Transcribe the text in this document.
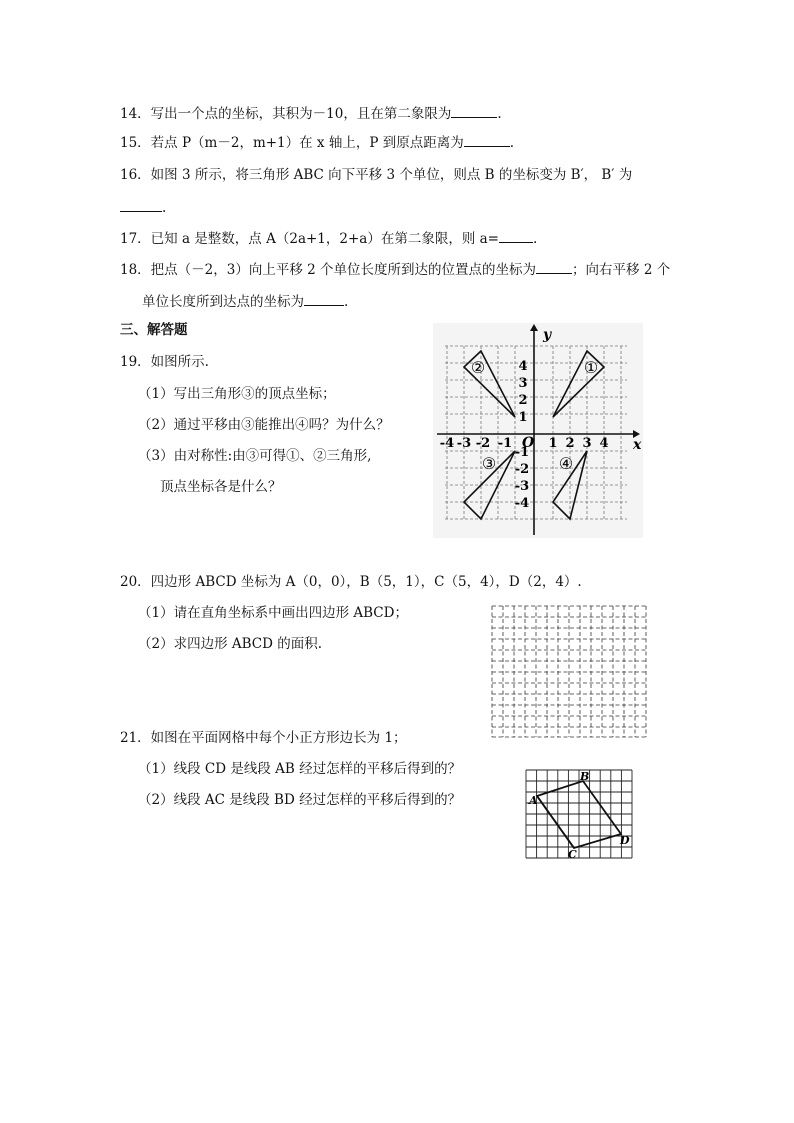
14．写出一个点的坐标，其积为－10，且在第二象限为	.
15．若点 P（m－2，m+1）在 x 轴上，P 到原点距离为	.
16．如图 3 所示，将三角形 ABC 向下平移 3 个单位，则点 B 的坐标变为 B′， B′ 为
.
17．已知 a 是整数，点 A（2a+1，2+a）在第二象限，则 a=	.
18．把点（－2，3）向上平移 2 个单位长度所到达的位置点的坐标为	；向右平移 2 个
单位长度所到达点的坐标为	.
三、解答题
19．如图所示.
（1）写出三角形③的顶点坐标；
（2）通过平移由③能推出④吗？为什么？
（3）由对称性:由③可得①、②三角形,
顶点坐标各是什么？
x
y
O
-4 -3 -2 -1	1 2 3 4
4
3
2
1
-1
-2
-3
-4
①
②
③	④
20．四边形 ABCD 坐标为 A（0，0），B（5，1），C（5，4），D（2，4）.
（1）请在直角坐标系中画出四边形 ABCD；
（2）求四边形 ABCD 的面积.
21．如图在平面网格中每个小正方形边长为 1；
（1）线段 CD 是线段 AB 经过怎样的平移后得到的？
（2）线段 AC 是线段 BD 经过怎样的平移后得到的？	A
B
C
D
